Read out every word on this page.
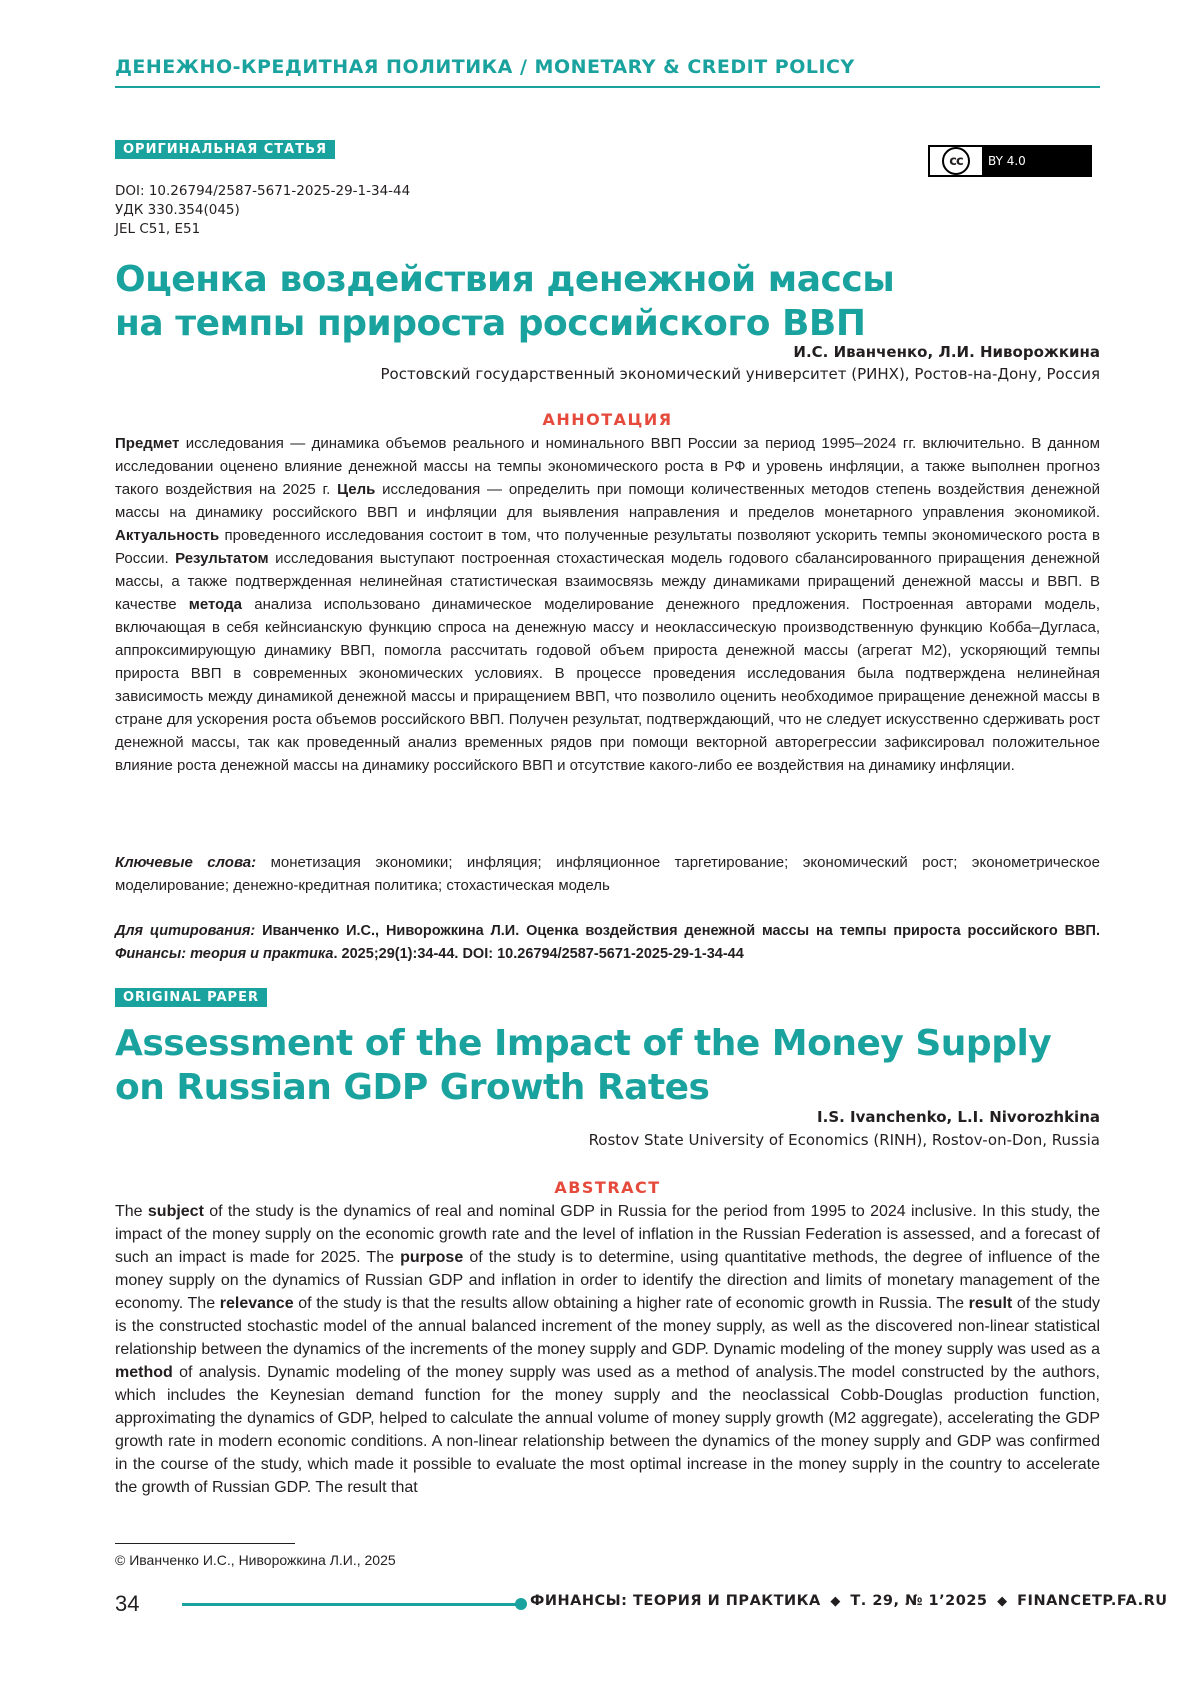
ДЕНЕЖНО-КРЕДИТНАЯ ПОЛИТИКА / MONETARY & CREDIT POLICY
ОРИГИНАЛЬНАЯ СТАТЬЯ
cc	BY 4.0
DOI: 10.26794/2587-5671-2025-29-1-34-44
УДК 330.354(045)
JEL C51, E51
Оценка воздействия денежной массы
на темпы прироста российского ВВП
И.С. Иванченко, Л.И. Ниворожкина
Ростовский государственный экономический университет (РИНХ), Ростов-на-Дону, Россия
АННОТАЦИЯ
Предмет исследования — динамика объемов реального и номинального ВВП России за период 1995–2024 гг. включительно. В данном исследовании оценено влияние денежной массы на темпы экономического роста в РФ и уровень инфляции, а также выполнен прогноз такого воздействия на 2025 г. Цель исследования — определить при помощи количественных методов степень воздействия денежной массы на динамику российского ВВП и инфляции для выявления направления и пределов монетарного управления экономикой. Актуальность проведенного исследования состоит в том, что полученные результаты позволяют ускорить темпы экономического роста в России. Результатом исследования выступают построенная стохастическая модель годового сбалансированного приращения денежной массы, а также подтвержденная нелинейная статистическая взаимосвязь между динамиками приращений денежной массы и ВВП. В качестве метода анализа использовано динамическое моделирование денежного предложения. Построенная авторами модель, включающая в себя кейнсианскую функцию спроса на денежную массу и неоклассическую производственную функцию Кобба–Дугласа, аппроксимирующую динамику ВВП, помогла рассчитать годовой объем прироста денежной массы (агрегат М2), ускоряющий темпы прироста ВВП в современных экономических условиях. В процессе проведения исследования была подтверждена нелинейная зависимость между динамикой денежной массы и приращением ВВП, что позволило оценить необходимое приращение денежной массы в стране для ускорения роста объемов российского ВВП. Получен результат, подтверждающий, что не следует искусственно сдерживать рост денежной массы, так как проведенный анализ временных рядов при помощи векторной авторегрессии зафиксировал положительное влияние роста денежной массы на динамику российского ВВП и отсутствие какого-либо ее воздействия на динамику инфляции.
Ключевые слова: монетизация экономики; инфляция; инфляционное таргетирование; экономический рост; эконометрическое моделирование; денежно-кредитная политика; стохастическая модель
Для цитирования: Иванченко И.С., Ниворожкина Л.И. Оценка воздействия денежной массы на темпы прироста российского ВВП. Финансы: теория и практика. 2025;29(1):34-44. DOI: 10.26794/2587-5671-2025-29-1-34-44
ORIGINAL PAPER
Assessment of the Impact of the Money Supply
on Russian GDP Growth Rates
I.S. Ivanchenko, L.I. Nivorozhkina
Rostov State University of Economics (RINH), Rostov-on-Don, Russia
ABSTRACT
The subject of the study is the dynamics of real and nominal GDP in Russia for the period from 1995 to 2024 inclusive. In this study, the impact of the money supply on the economic growth rate and the level of inflation in the Russian Federation is assessed, and a forecast of such an impact is made for 2025. The purpose of the study is to determine, using quantitative methods, the degree of influence of the money supply on the dynamics of Russian GDP and inflation in order to identify the direction and limits of monetary management of the economy. The relevance of the study is that the results allow obtaining a higher rate of economic growth in Russia. The result of the study is the constructed stochastic model of the annual balanced increment of the money supply, as well as the discovered non-linear statistical relationship between the dynamics of the increments of the money supply and GDP. Dynamic modeling of the money supply was used as a method of analysis. Dynamic modeling of the money supply was used as a method of analysis.The model constructed by the authors, which includes the Keynesian demand function for the money supply and the neoclassical Cobb-Douglas production function, approximating the dynamics of GDP, helped to calculate the annual volume of money supply growth (M2 aggregate), accelerating the GDP growth rate in modern economic conditions. A non-linear relationship between the dynamics of the money supply and GDP was confirmed in the course of the study, which made it possible to evaluate the most optimal increase in the money supply in the country to accelerate the growth of Russian GDP. The result that
© Иванченко И.С., Ниворожкина Л.И., 2025
34	ФИНАНСЫ: ТЕОРИЯ И ПРАКТИКА ◆ Т. 29, № 1’2025 ◆ FINANCETP.FA.RU
